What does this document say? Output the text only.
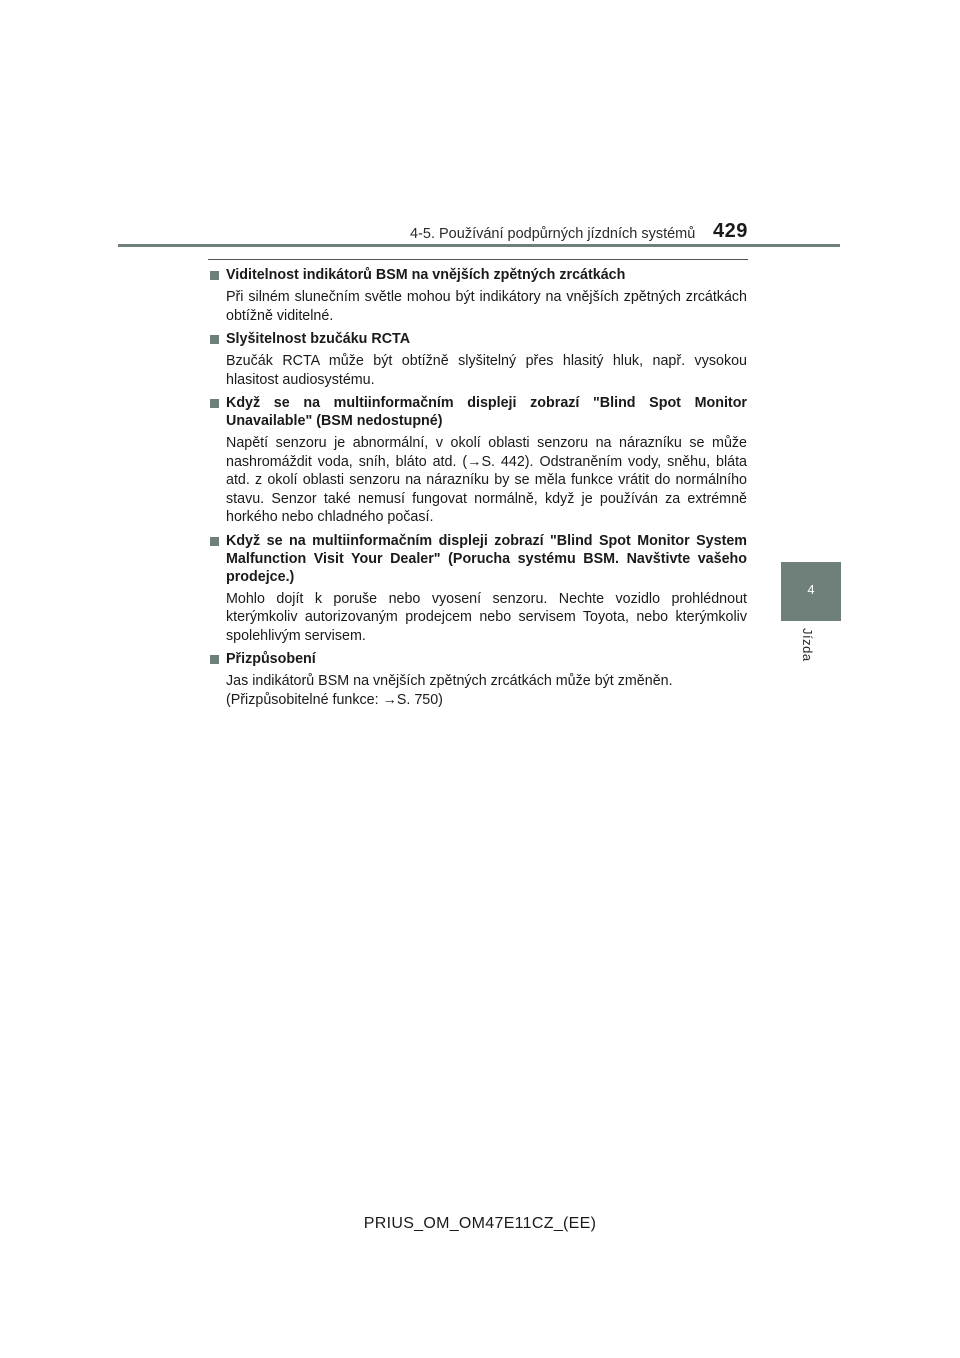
4-5. Používání podpůrných jízdních systémů 429
4
Jízda
Viditelnost indikátorů BSM na vnějších zpětných zrcátkách

Při silném slunečním světle mohou být indikátory na vnějších zpětných zrcátkách obtížně viditelné.

Slyšitelnost bzučáku RCTA

Bzučák RCTA může být obtížně slyšitelný přes hlasitý hluk, např. vysokou hlasitost audiosystému.

Když se na multiinformačním displeji zobrazí "Blind Spot Monitor Unavailable" (BSM nedostupné)

Napětí senzoru je abnormální, v okolí oblasti senzoru na nárazníku se může nashromáždit voda, sníh, bláto atd. (→S. 442). Odstraněním vody, sněhu, bláta atd. z okolí oblasti senzoru na nárazníku by se měla funkce vrátit do normálního stavu. Senzor také nemusí fungovat normálně, když je používán za extrémně horkého nebo chladného počasí.

Když se na multiinformačním displeji zobrazí "Blind Spot Monitor System Malfunction Visit Your Dealer" (Porucha systému BSM. Navštivte vašeho prodejce.)

Mohlo dojít k poruše nebo vyosení senzoru. Nechte vozidlo prohlédnout kterýmkoliv autorizovaným prodejcem nebo servisem Toyota, nebo kterýmkoliv spolehlivým servisem.

Přizpůsobení

Jas indikátorů BSM na vnějších zpětných zrcátkách může být změněn.

(Přizpůsobitelné funkce: →S. 750)

PRIUS_OM_OM47E11CZ_(EE)
